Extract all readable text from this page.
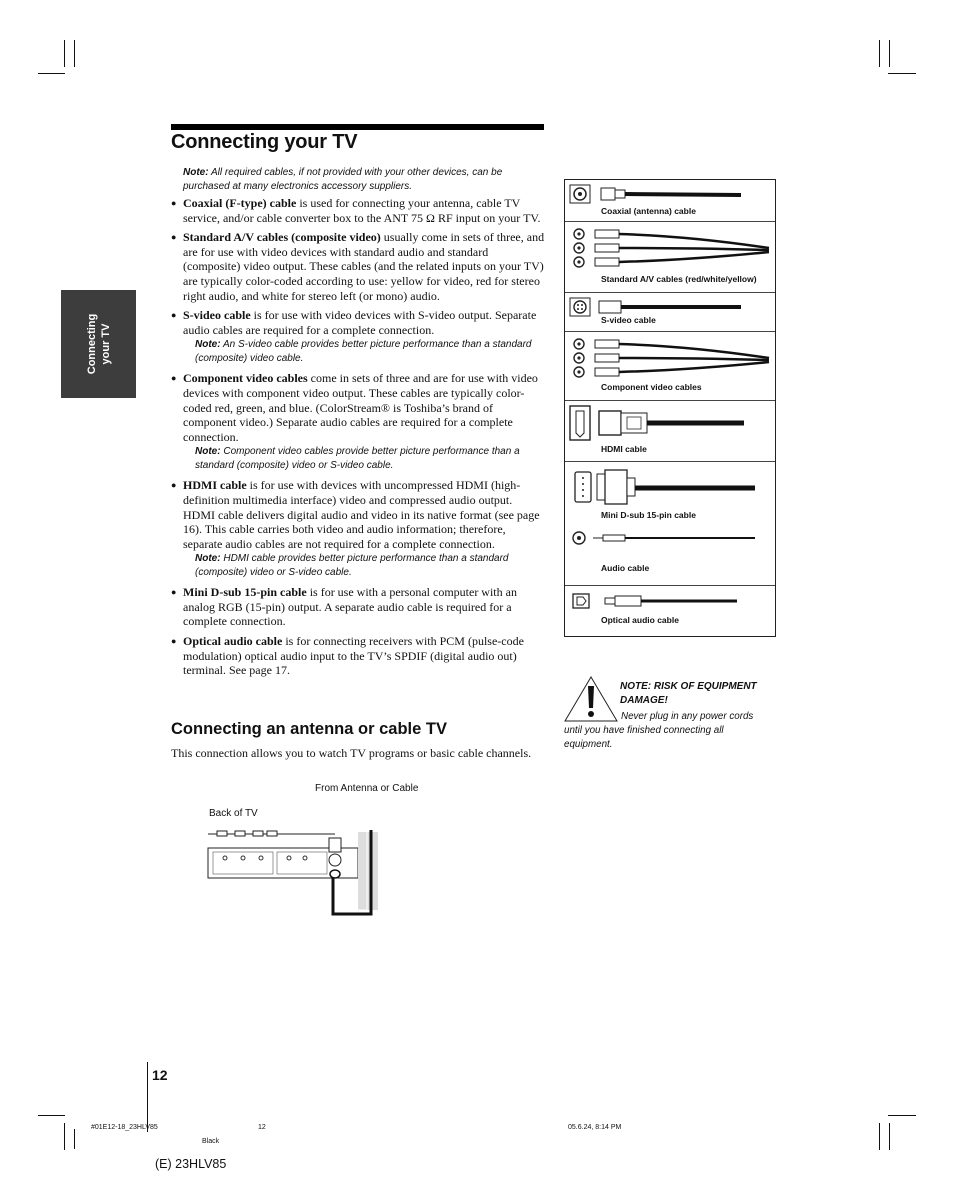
Connecting your TV
Connecting your TV
Note: All required cables, if not provided with your other devices, can be purchased at many electronics accessory suppliers.
● Coaxial (F-type) cable is used for connecting your antenna, cable TV service, and/or cable converter box to the ANT 75 Ω RF input on your TV.
● Standard A/V cables (composite video) usually come in sets of three, and are for use with video devices with standard audio and standard (composite) video output. These cables (and the related inputs on your TV) are typically color-coded according to use: yellow for video, red for stereo right audio, and white for stereo left (or mono) audio.
● S-video cable is for use with video devices with S-video output. Separate audio cables are required for a complete connection.
Note: An S-video cable provides better picture performance than a standard (composite) video cable.
● Component video cables come in sets of three and are for use with video devices with component video output. These cables are typically color-coded red, green, and blue. (ColorStream® is Toshiba’s brand of component video.) Separate audio cables are required for a complete connection.
Note: Component video cables provide better picture performance than a standard (composite) video or S-video cable.
● HDMI cable is for use with devices with uncompressed HDMI (high-definition multimedia interface) video and compressed audio output. HDMI cable delivers digital audio and video in its native format (see page 16). This cable carries both video and audio information; therefore, separate audio cables are not required for a complete connection.
Note: HDMI cable provides better picture performance than a standard (composite) video or S-video cable.
● Mini D-sub 15-pin cable is for use with a personal computer with an analog RGB (15-pin) output. A separate audio cable is required for a complete connection.
● Optical audio cable is for connecting receivers with PCM (pulse-code modulation) optical audio input to the TV’s SPDIF (digital audio out) terminal. See page 17.
Connecting an antenna or cable TV
This connection allows you to watch TV programs or basic cable channels.
From Antenna or Cable
Back of TV
Coaxial (antenna) cable
Standard A/V cables (red/white/yellow)
S-video cable
Component video cables
HDMI cable
Mini D-sub 15-pin cable
Audio cable
Optical audio cable
NOTE: RISK OF EQUIPMENT DAMAGE!
Never plug in any power cords until you have finished connecting all equipment.
12
#01E12-18_23HLV85	12	05.6.24, 8:14 PM
Black
(E) 23HLV85
